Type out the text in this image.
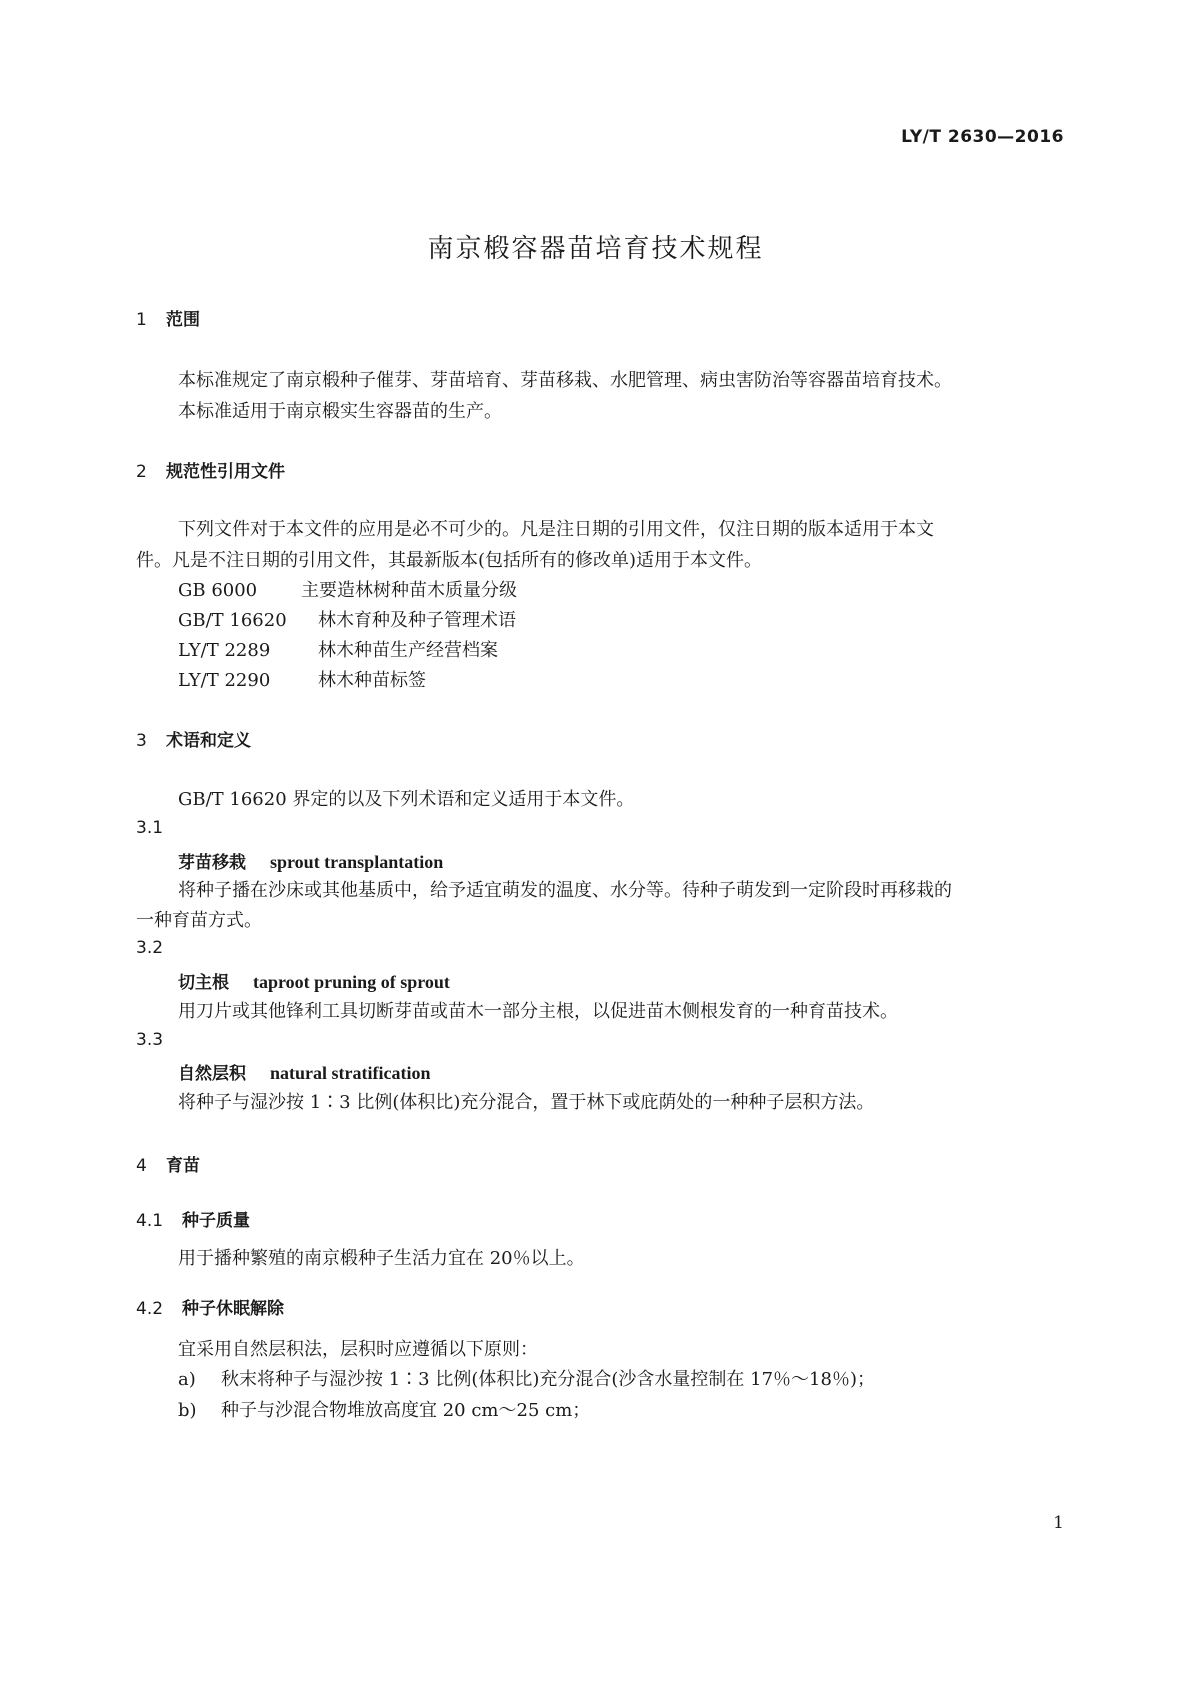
LY/T 2630—2016
南京椴容器苗培育技术规程
1 范围
本标准规定了南京椴种子催芽、芽苗培育、芽苗移栽、水肥管理、病虫害防治等容器苗培育技术。
本标准适用于南京椴实生容器苗的生产。
2 规范性引用文件
下列文件对于本文件的应用是必不可少的。凡是注日期的引用文件，仅注日期的版本适用于本文
件。凡是不注日期的引用文件，其最新版本(包括所有的修改单)适用于本文件。
GB 6000 主要造林树种苗木质量分级
GB/T 16620 林木育种及种子管理术语
LY/T 2289	林木种苗生产经营档案
LY/T 2290	林木种苗标签
3 术语和定义
GB/T 16620 界定的以及下列术语和定义适用于本文件。
3.1
芽苗移栽 sprout transplantation
将种子播在沙床或其他基质中，给予适宜萌发的温度、水分等。待种子萌发到一定阶段时再移栽的
一种育苗方式。
3.2
切主根 taproot pruning of sprout
用刀片或其他锋利工具切断芽苗或苗木一部分主根，以促进苗木侧根发育的一种育苗技术。
3.3
自然层积 natural stratification
将种子与湿沙按 1∶3 比例(体积比)充分混合，置于林下或庇荫处的一种种子层积方法。
4 育苗
4.1 种子质量
用于播种繁殖的南京椴种子生活力宜在 20％以上。
4.2 种子休眠解除
宜采用自然层积法，层积时应遵循以下原则：
a) 秋末将种子与湿沙按 1∶3 比例(体积比)充分混合(沙含水量控制在 17％～18％)；
b) 种子与沙混合物堆放高度宜 20 cm～25 cm；
1
